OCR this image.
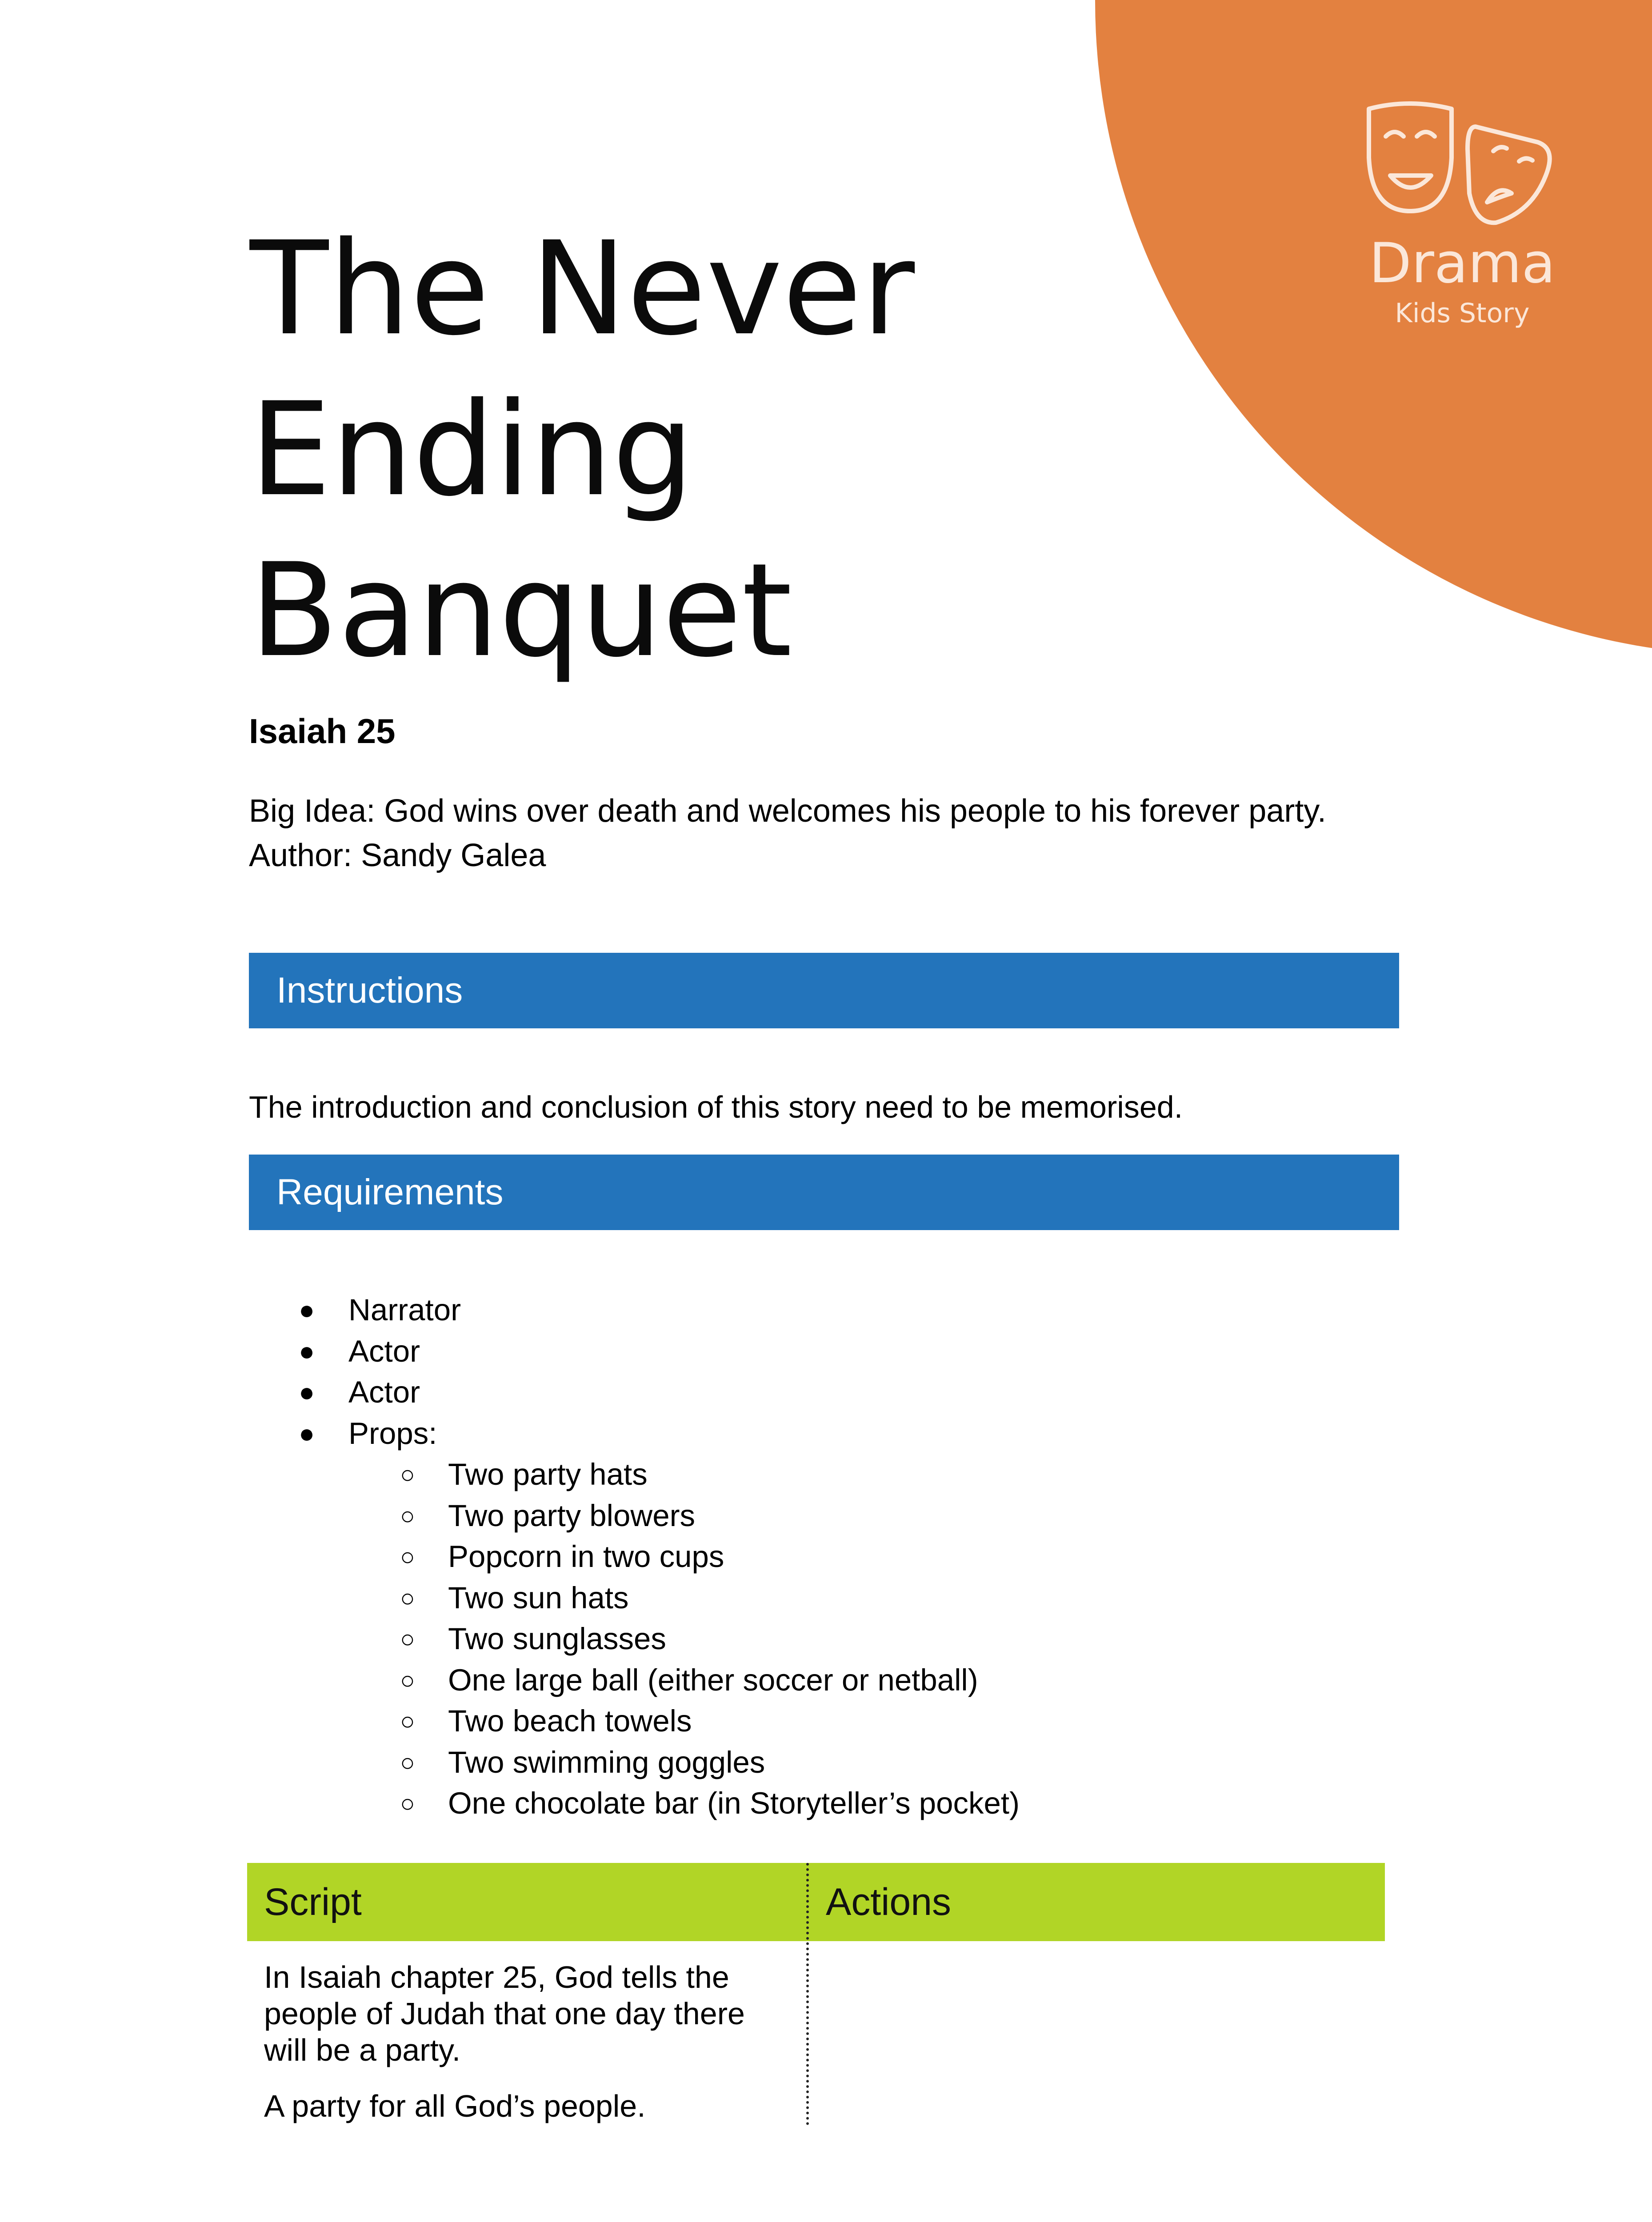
Drama
Kids Story
The Never
Ending
Banquet

Isaiah 25

Big Idea: God wins over death and welcomes his people to his forever party.

Author: Sandy Galea

Instructions

The introduction and conclusion of this story need to be memorised.

Requirements
● Narrator
● Actor
● Actor
● Props:
○ Two party hats
○ Two party blowers
○ Popcorn in two cups
○ Two sun hats
○ Two sunglasses
○ One large ball (either soccer or netball)
○ Two beach towels
○ Two swimming goggles
○ One chocolate bar (in Storyteller’s pocket)
Script	Actions

In Isaiah chapter 25, God tells the people of Judah that one day there will be a party.

A party for all God’s people.
